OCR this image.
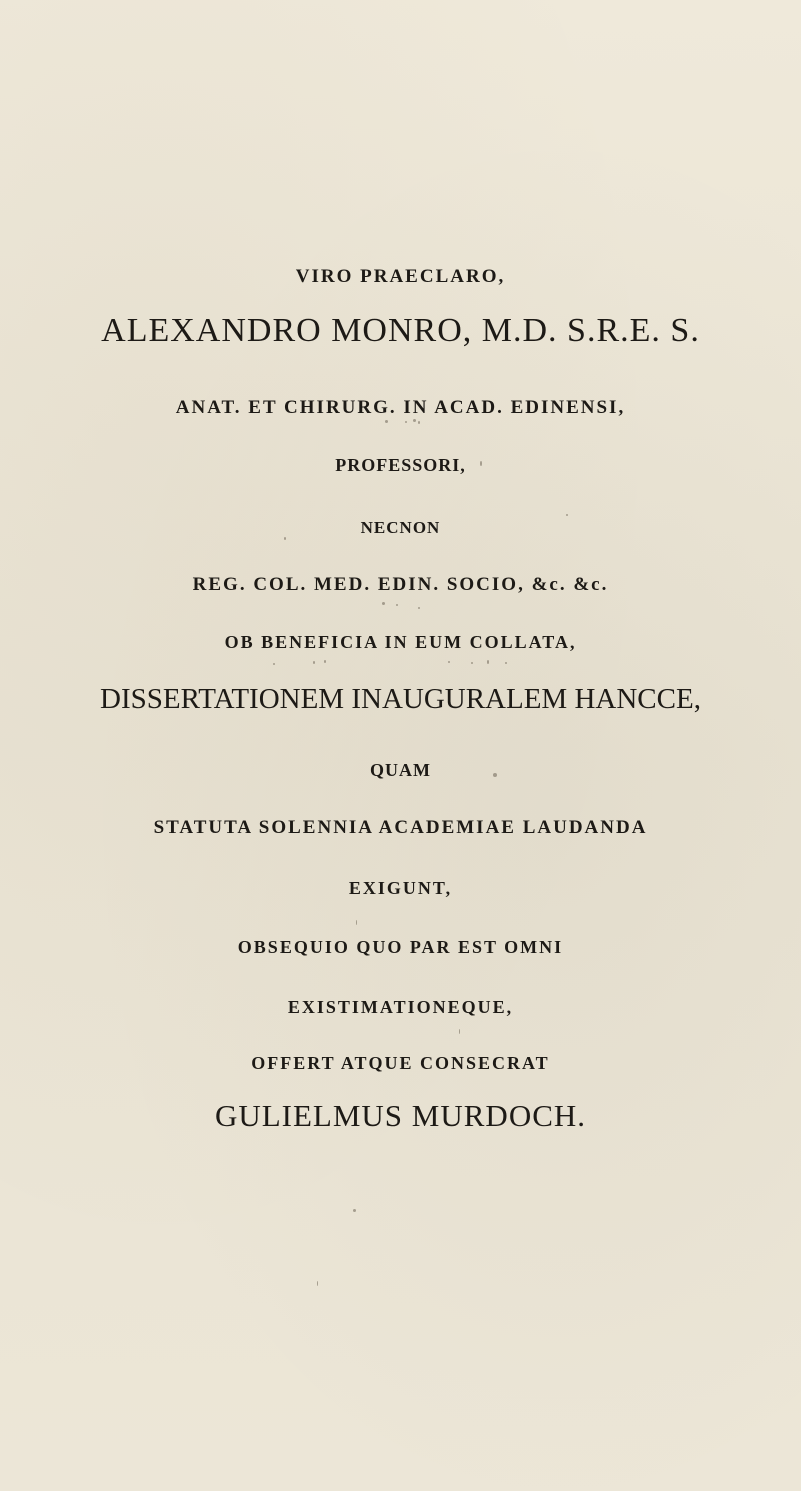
VIRO PRAECLARO,

ALEXANDRO MONRO, M.D. S.R.E. S.

ANAT. ET CHIRURG. IN ACAD. EDINENSI,

PROFESSORI,

NECNON

REG. COL. MED. EDIN. SOCIO, &c. &c.

OB BENEFICIA IN EUM COLLATA,

DISSERTATIONEM INAUGURALEM HANCCE,

QUAM

STATUTA SOLENNIA ACADEMIAE LAUDANDA

EXIGUNT,

OBSEQUIO QUO PAR EST OMNI

EXISTIMATIONEQUE,

OFFERT ATQUE CONSECRAT

GULIELMUS MURDOCH.
